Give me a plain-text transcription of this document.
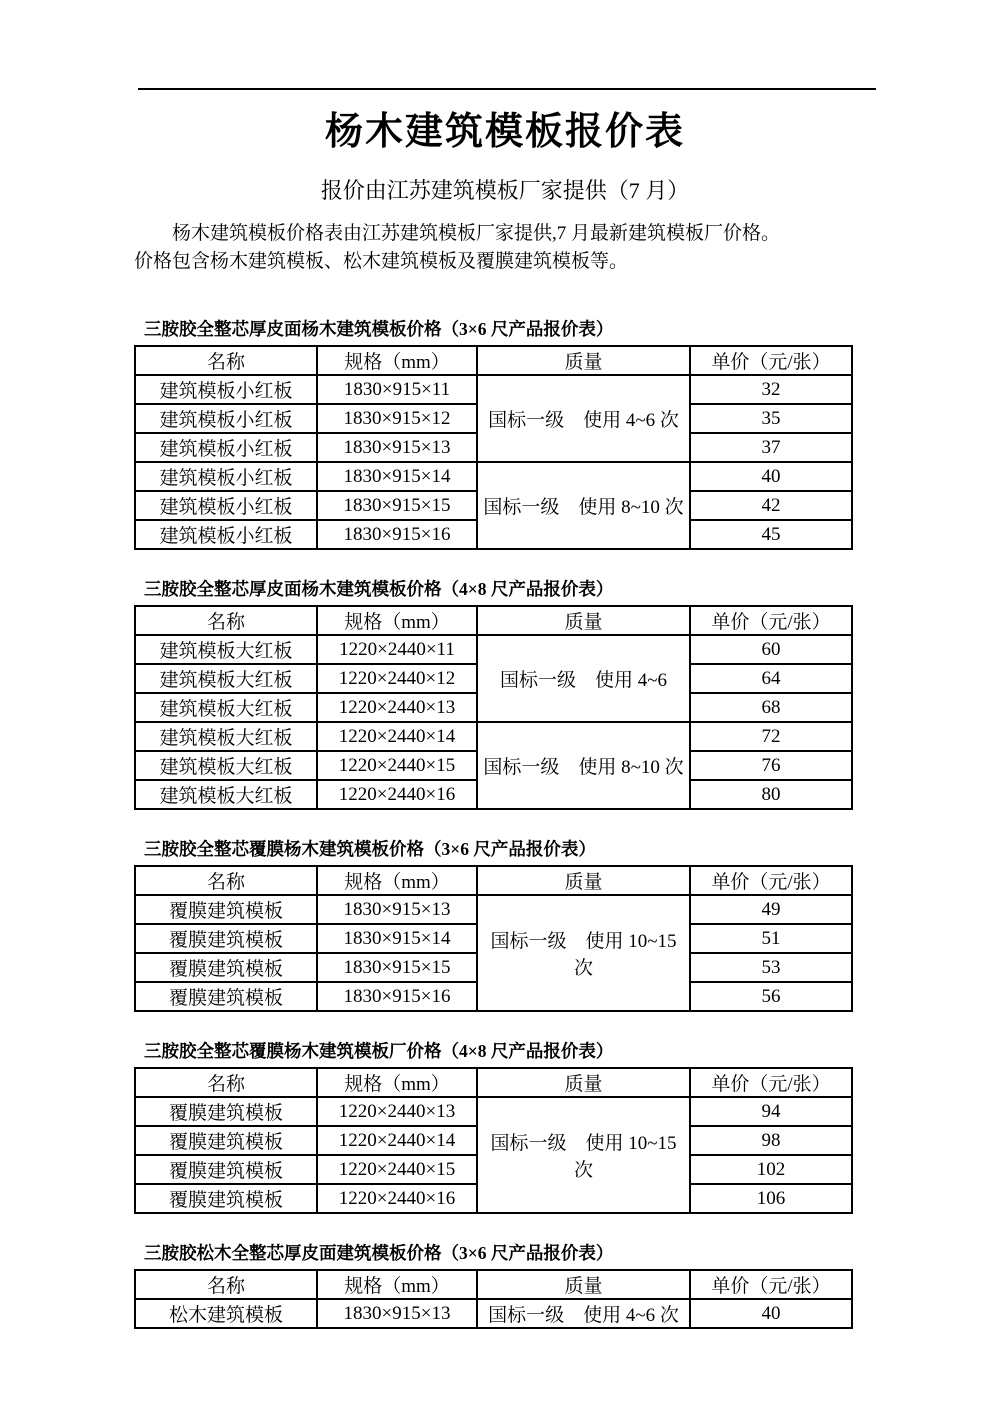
杨木建筑模板报价表
报价由江苏建筑模板厂家提供（7 月）

杨木建筑模板价格表由江苏建筑模板厂家提供,7 月最新建筑模板厂价格。
价格包含杨木建筑模板、松木建筑模板及覆膜建筑模板等。

三胺胶全整芯厚皮面杨木建筑模板价格（3×6 尺产品报价表）
名称	规格（mm）	质量	单价（元/张）
建筑模板小红板	1830×915×11	国标一级　使用 4~6 次	32
建筑模板小红板	1830×915×12		35
建筑模板小红板	1830×915×13		37
建筑模板小红板	1830×915×14	国标一级　使用 8~10 次	40
建筑模板小红板	1830×915×15		42
建筑模板小红板	1830×915×16		45
三胺胶全整芯厚皮面杨木建筑模板价格（4×8 尺产品报价表）
名称	规格（mm）	质量	单价（元/张）
建筑模板大红板	1220×2440×11	国标一级　使用 4~6	60
建筑模板大红板	1220×2440×12		64
建筑模板大红板	1220×2440×13		68
建筑模板大红板	1220×2440×14	国标一级　使用 8~10 次	72
建筑模板大红板	1220×2440×15		76
建筑模板大红板	1220×2440×16		80
三胺胶全整芯覆膜杨木建筑模板价格（3×6 尺产品报价表）
名称	规格（mm）	质量	单价（元/张）
覆膜建筑模板	1830×915×13	国标一级　使用 10~15 次	49
覆膜建筑模板	1830×915×14		51
覆膜建筑模板	1830×915×15		53
覆膜建筑模板	1830×915×16		56
三胺胶全整芯覆膜杨木建筑模板厂价格（4×8 尺产品报价表）
名称	规格（mm）	质量	单价（元/张）
覆膜建筑模板	1220×2440×13	国标一级　使用 10~15 次	94
覆膜建筑模板	1220×2440×14		98
覆膜建筑模板	1220×2440×15		102
覆膜建筑模板	1220×2440×16		106
三胺胶松木全整芯厚皮面建筑模板价格（3×6 尺产品报价表）
名称	规格（mm）	质量	单价（元/张）
松木建筑模板	1830×915×13	国标一级　使用 4~6 次	40
